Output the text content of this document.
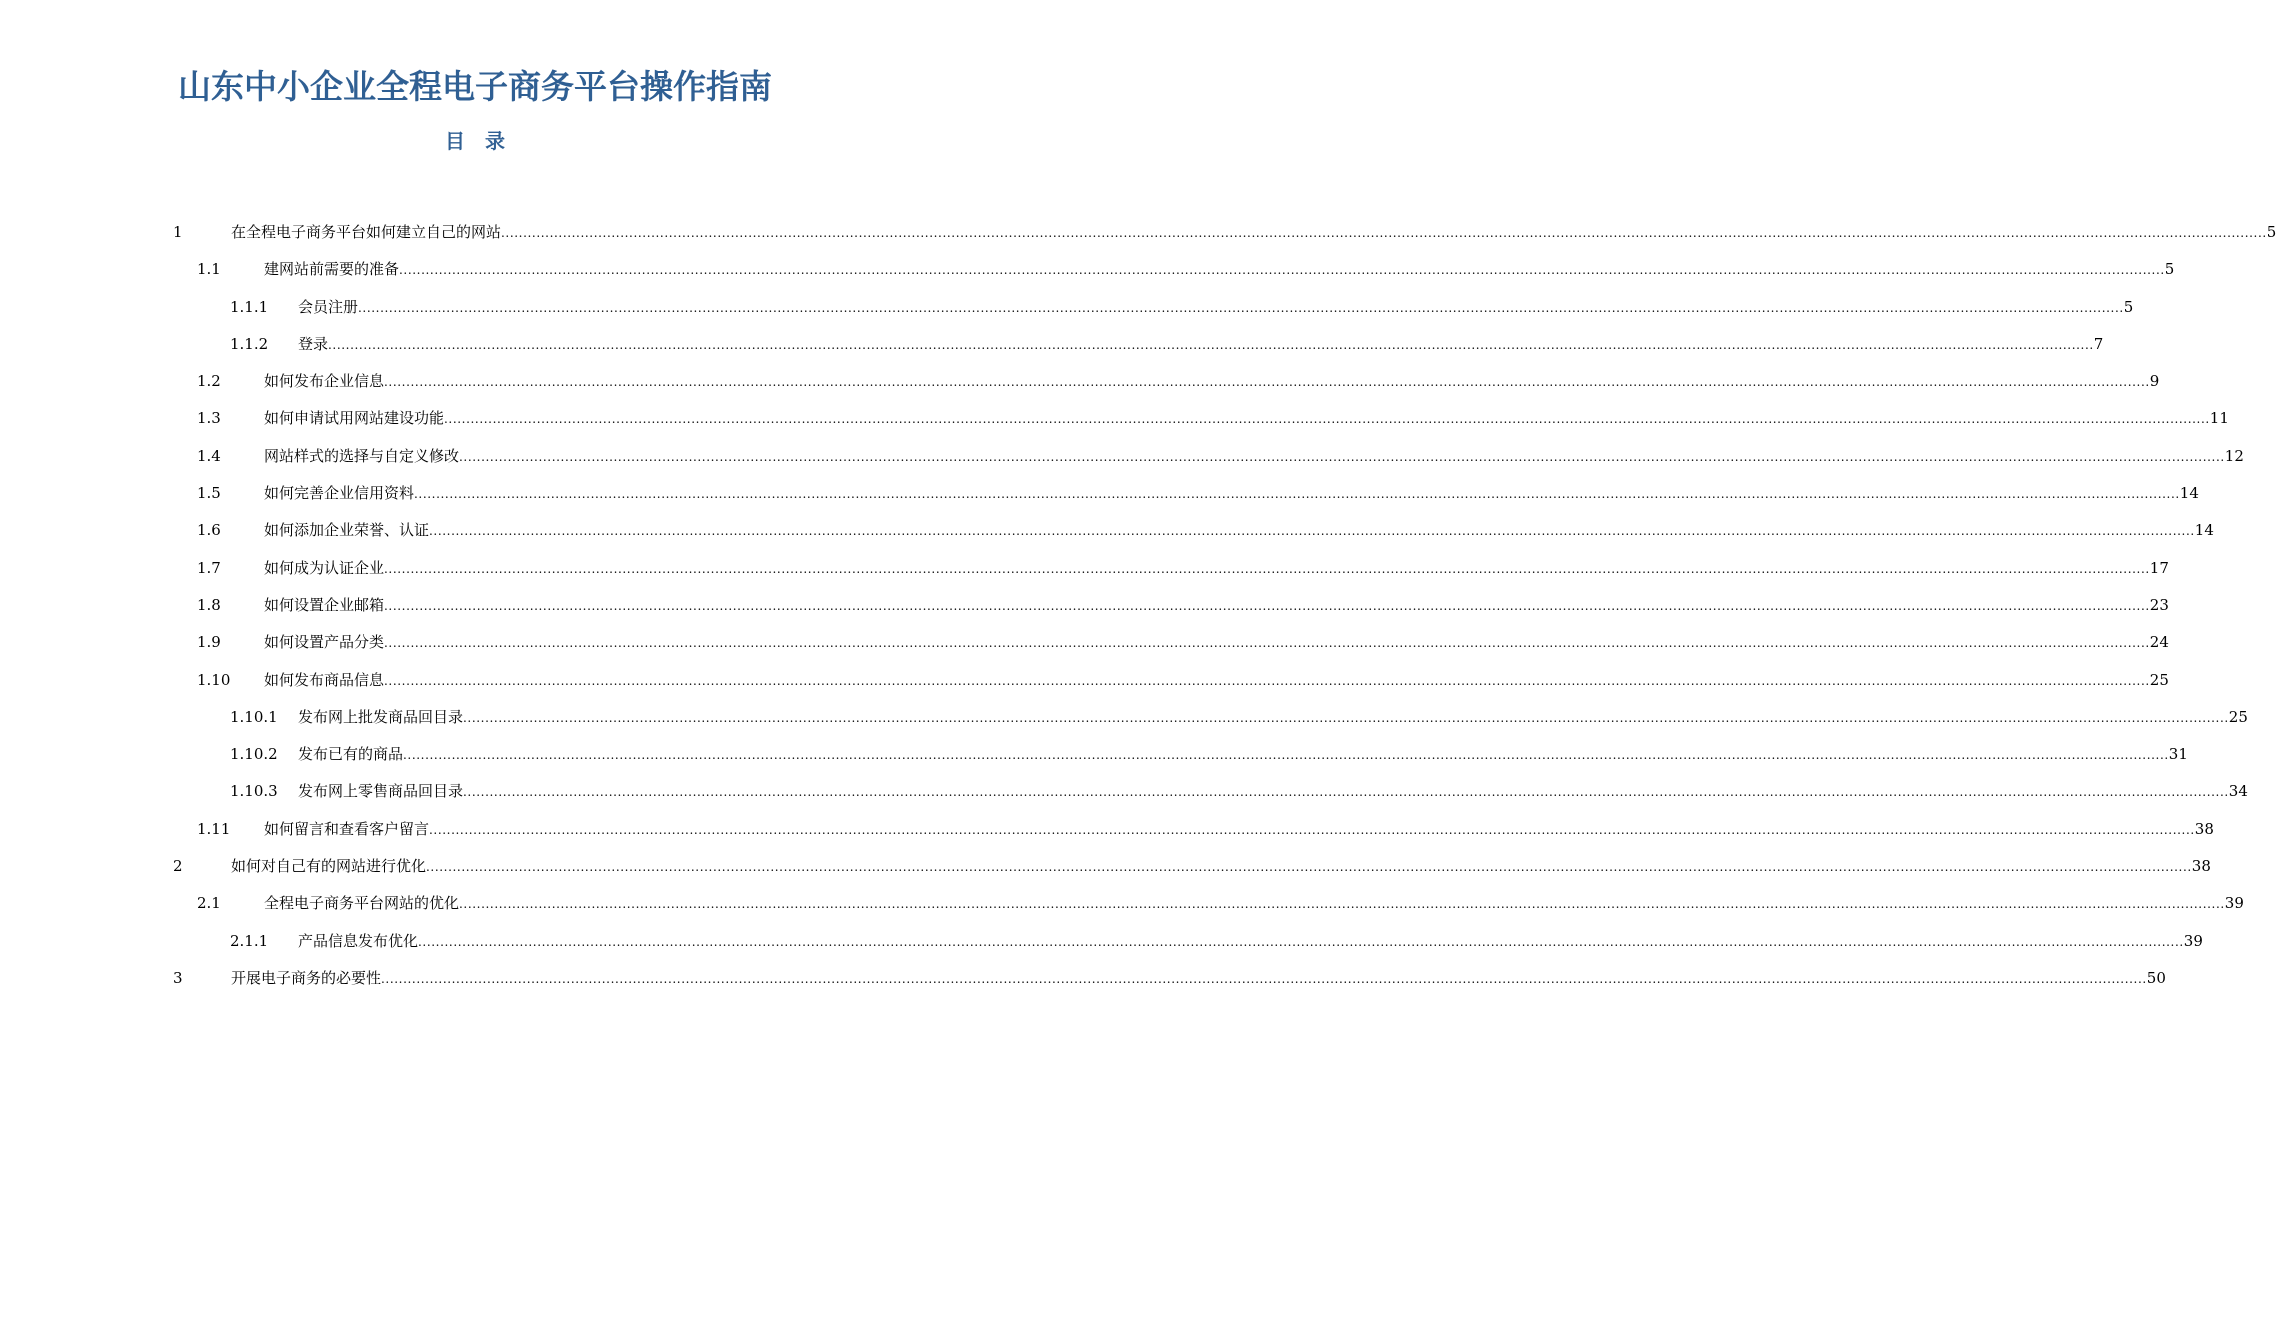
山东中小企业全程电子商务平台操作指南
目　录
1	在全程电子商务平台如何建立自己的网站 ................................................................................................................................................................................................................................................................................................................................................................................................................ 5
1.1	建网站前需要的准备 ................................................................................................................................................................................................................................................................................................................................................................................................................ 5
1.1.1 会员注册 ................................................................................................................................................................................................................................................................................................................................................................................................................ 5
1.1.2 登录 ................................................................................................................................................................................................................................................................................................................................................................................................................ 7
1.2	如何发布企业信息 ................................................................................................................................................................................................................................................................................................................................................................................................................ 9
1.3	如何申请试用网站建设功能 ................................................................................................................................................................................................................................................................................................................................................................................................................ 11
1.4	网站样式的选择与自定义修改 ................................................................................................................................................................................................................................................................................................................................................................................................................ 12
1.5	如何完善企业信用资料 ................................................................................................................................................................................................................................................................................................................................................................................................................ 14
1.6	如何添加企业荣誉、认证 ................................................................................................................................................................................................................................................................................................................................................................................................................ 14
1.7	如何成为认证企业 ................................................................................................................................................................................................................................................................................................................................................................................................................ 17
1.8	如何设置企业邮箱 ................................................................................................................................................................................................................................................................................................................................................................................................................ 23
1.9	如何设置产品分类 ................................................................................................................................................................................................................................................................................................................................................................................................................ 24
1.10 如何发布商品信息 ................................................................................................................................................................................................................................................................................................................................................................................................................ 25
1.10.1 发布网上批发商品回目录 ................................................................................................................................................................................................................................................................................................................................................................................................................ 25
1.10.2 发布已有的商品 ................................................................................................................................................................................................................................................................................................................................................................................................................ 31
1.10.3 发布网上零售商品回目录 ................................................................................................................................................................................................................................................................................................................................................................................................................ 34
1.11 如何留言和查看客户留言 ................................................................................................................................................................................................................................................................................................................................................................................................................ 38
2	如何对自己有的网站进行优化 ................................................................................................................................................................................................................................................................................................................................................................................................................ 38
2.1	全程电子商务平台网站的优化 ................................................................................................................................................................................................................................................................................................................................................................................................................ 39
2.1.1 产品信息发布优化 ................................................................................................................................................................................................................................................................................................................................................................................................................ 39
3	开展电子商务的必要性 ................................................................................................................................................................................................................................................................................................................................................................................................................ 50
